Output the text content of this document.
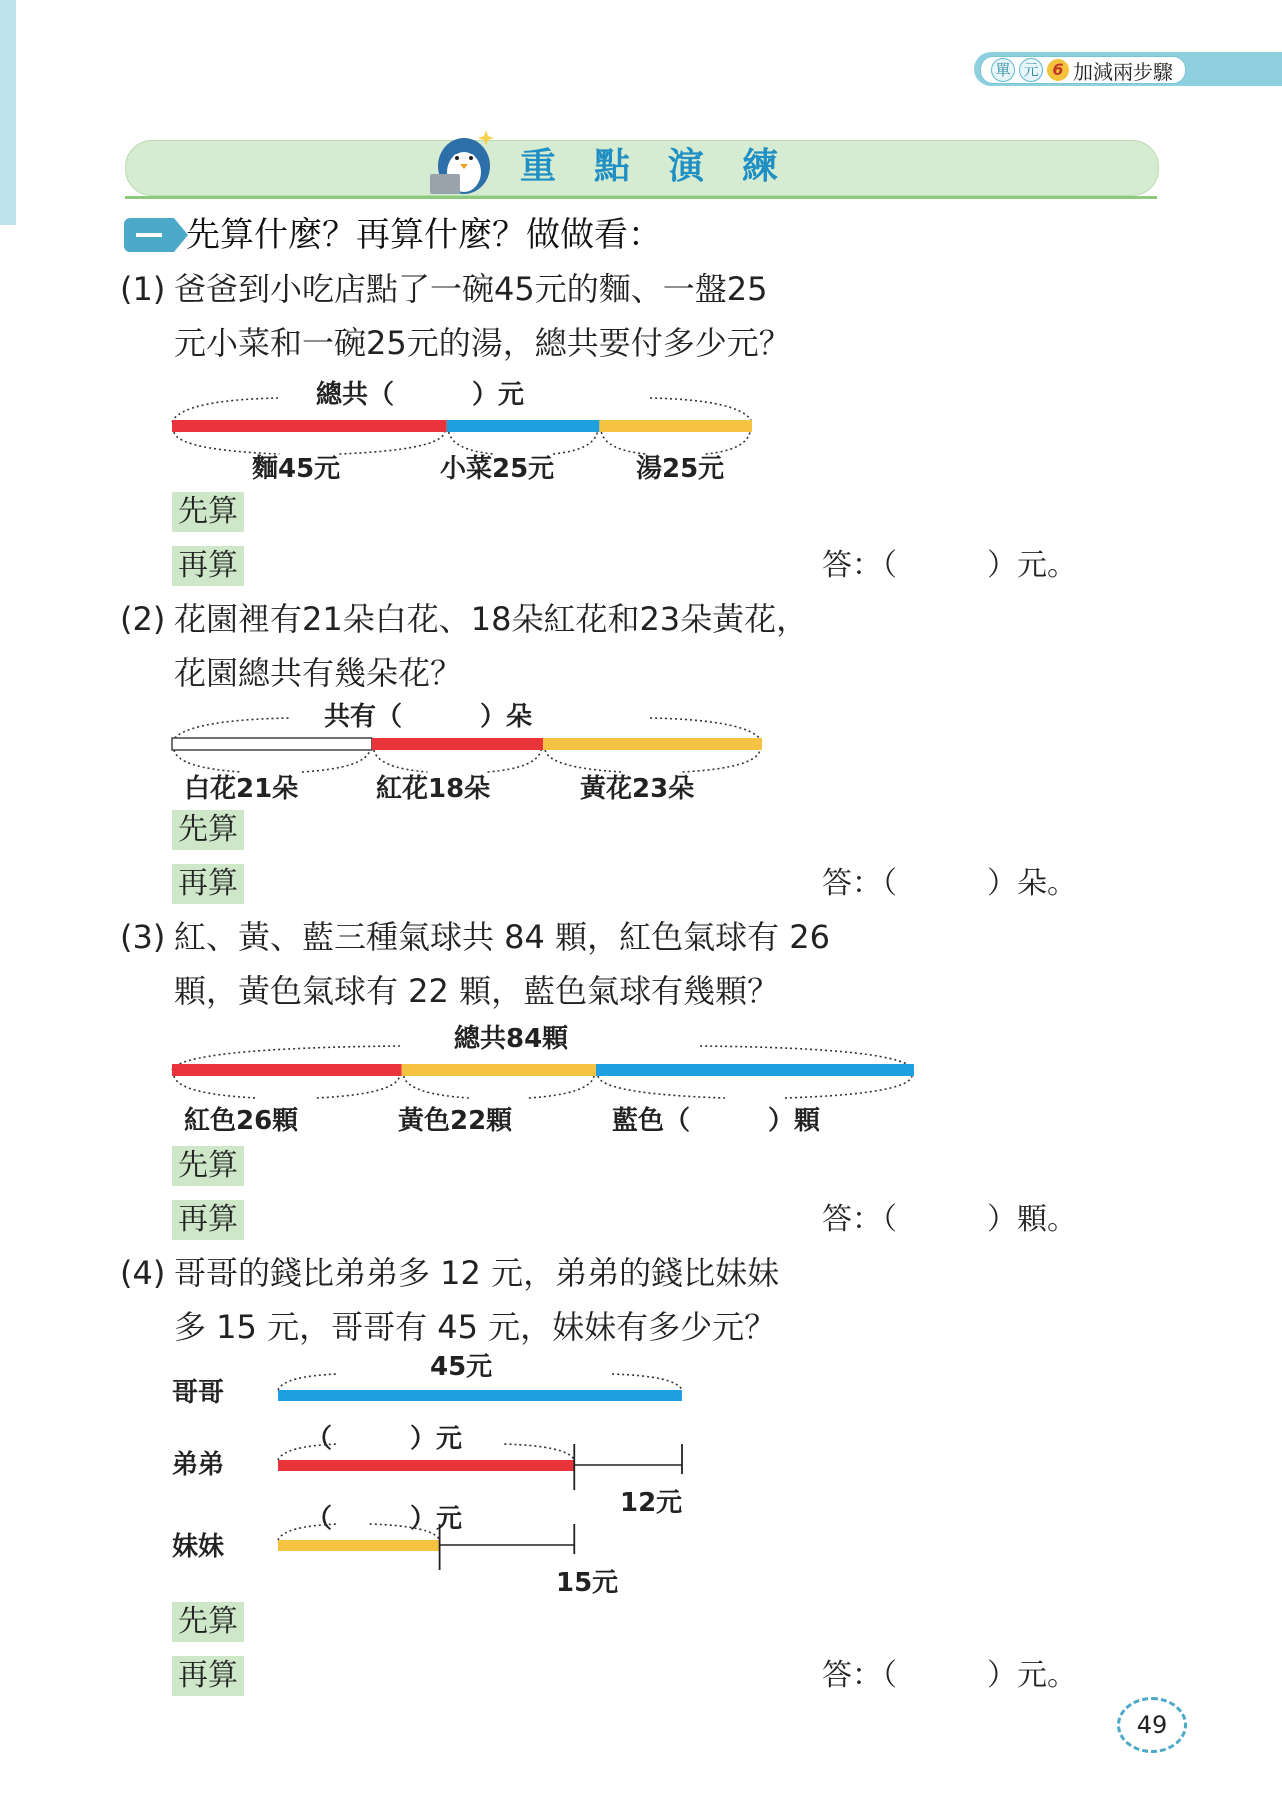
單 元 6 加減兩步驟
重點演練
先算什麼？再算什麼？做做看：
(1) 爸爸到小吃店點了一碗45元的麵、一盤25
元小菜和一碗25元的湯，總共要付多少元？
總共（　　　）元
麵45元	小菜25元	湯25元
先算
再算	答：（　　　）元。
(2) 花園裡有21朵白花、18朵紅花和23朵黃花，
花園總共有幾朵花？
共有（　　　）朵
白花21朵	紅花18朵	黃花23朵
先算
再算	答：（　　　）朵。
(3) 紅、黃、藍三種氣球共 84 顆，紅色氣球有 26
顆，黃色氣球有 22 顆，藍色氣球有幾顆？
總共84顆
紅色26顆	黃色22顆	藍色（　　　）顆
先算
再算	答：（　　　）顆。
(4) 哥哥的錢比弟弟多 12 元，弟弟的錢比妹妹
多 15 元，哥哥有 45 元，妹妹有多少元？
哥哥
45元
弟弟
（　　　）元
12元
妹妹
（　　　）元
15元
先算
再算	答：（　　　）元。
49
